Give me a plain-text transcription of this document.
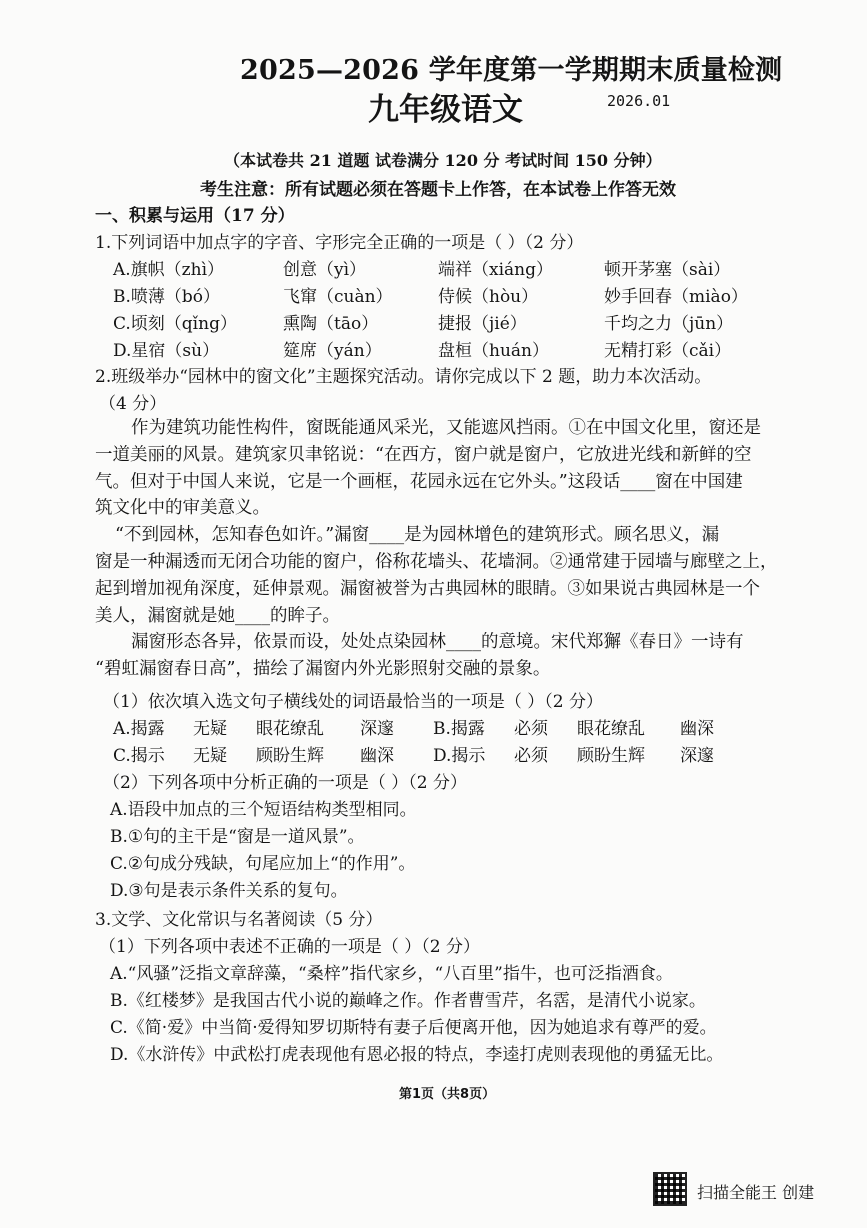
2025—2026 学年度第一学期期末质量检测
九年级语文	2026.01
（本试卷共 21 道题 试卷满分 120 分 考试时间 150 分钟）
考生注意：所有试题必须在答题卡上作答，在本试卷上作答无效
一、积累与运用（17 分）
1.下列词语中加点字的字音、字形完全正确的一项是（ ）（2 分）
A.旗帜（zhì）	创意（yì）	端祥（xiáng）	顿开茅塞（sài）
B.喷薄（bó）	飞窜（cuàn）	侍候（hòu）	妙手回春（miào）
C.顷刻（qǐng）	熏陶（tāo）	捷报（jié）	千均之力（jūn）
D.星宿（sù）	筵席（yán）	盘桓（huán）	无精打彩（cǎi）
2.班级举办“园林中的窗文化”主题探究活动。请你完成以下 2 题，助力本次活动。
（4 分）
作为建筑功能性构件，窗既能通风采光，又能遮风挡雨。①在中国文化里，窗还是
一道美丽的风景。建筑家贝聿铭说：“在西方，窗户就是窗户，它放进光线和新鲜的空
气。但对于中国人来说，它是一个画框，花园永远在它外头。”这段话____窗在中国建
筑文化中的审美意义。
“不到园林，怎知春色如许。”漏窗____是为园林增色的建筑形式。顾名思义，漏
窗是一种漏透而无闭合功能的窗户，俗称花墙头、花墙洞。②通常建于园墙与廊壁之上，
起到增加视角深度，延伸景观。漏窗被誉为古典园林的眼睛。③如果说古典园林是一个
美人，漏窗就是她____的眸子。
漏窗形态各异，依景而设，处处点染园林____的意境。宋代郑獬《春日》一诗有
“碧虹漏窗春日高”，描绘了漏窗内外光影照射交融的景象。
（1）依次填入选文句子横线处的词语最恰当的一项是（ ）（2 分）
A.揭露 无疑 眼花缭乱 深邃 B.揭露 必须 眼花缭乱 幽深
C.揭示 无疑 顾盼生辉 幽深 D.揭示 必须 顾盼生辉 深邃
（2）下列各项中分析正确的一项是（ ）（2 分）
A.语段中加点的三个短语结构类型相同。
B.①句的主干是“窗是一道风景”。
C.②句成分残缺，句尾应加上“的作用”。
D.③句是表示条件关系的复句。
3.文学、文化常识与名著阅读（5 分）
（1）下列各项中表述不正确的一项是（ ）（2 分）
A.“风骚”泛指文章辞藻，“桑梓”指代家乡，“八百里”指牛，也可泛指酒食。
B.《红楼梦》是我国古代小说的巅峰之作。作者曹雪芹，名霑，是清代小说家。
C.《简·爱》中当简·爱得知罗切斯特有妻子后便离开他，因为她追求有尊严的爱。
D.《水浒传》中武松打虎表现他有恩必报的特点，李逵打虎则表现他的勇猛无比。
第1页（共8页）
扫描全能王 创建
